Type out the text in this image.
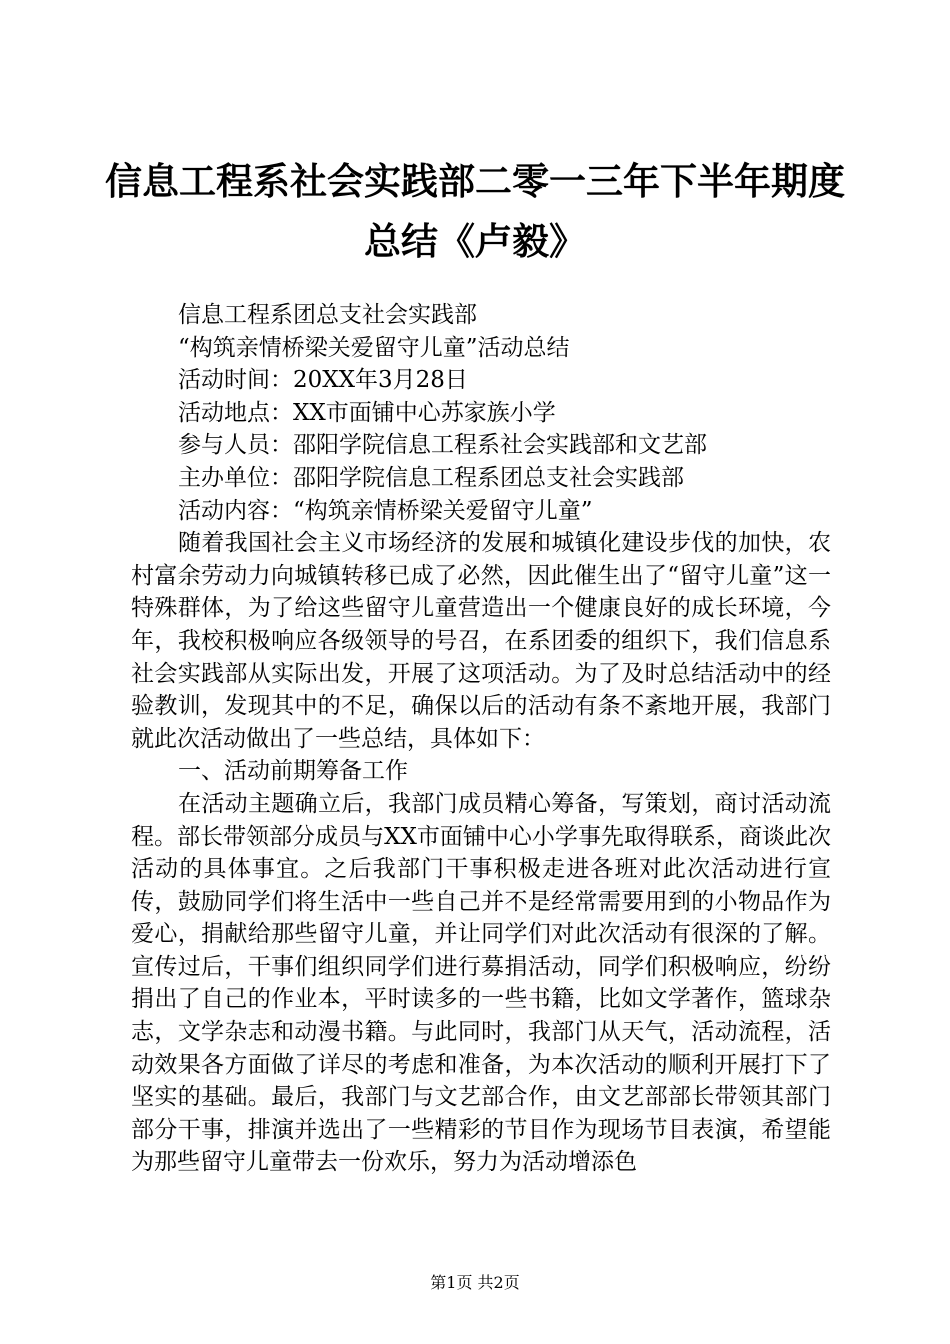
信息工程系社会实践部二零一三年下半年期度
总结《卢毅》

信息工程系团总支社会实践部

“构筑亲情桥梁关爱留守儿童”活动总结

活动时间：20XX年3月28日

活动地点：XX市面铺中心苏家族小学

参与人员：邵阳学院信息工程系社会实践部和文艺部

主办单位：邵阳学院信息工程系团总支社会实践部

活动内容：“构筑亲情桥梁关爱留守儿童”

随着我国社会主义市场经济的发展和城镇化建设步伐的加快，农村富余劳动力向城镇转移已成了必然，因此催生出了“留守儿童”这一特殊群体，为了给这些留守儿童营造出一个健康良好的成长环境，今年，我校积极响应各级领导的号召，在系团委的组织下，我们信息系社会实践部从实际出发，开展了这项活动。为了及时总结活动中的经验教训，发现其中的不足，确保以后的活动有条不紊地开展，我部门就此次活动做出了一些总结，具体如下：

一、活动前期筹备工作

在活动主题确立后，我部门成员精心筹备，写策划，商讨活动流程。部长带领部分成员与XX市面铺中心小学事先取得联系，商谈此次活动的具体事宜。之后我部门干事积极走进各班对此次活动进行宣传，鼓励同学们将生活中一些自己并不是经常需要用到的小物品作为爱心，捐献给那些留守儿童，并让同学们对此次活动有很深的了解。宣传过后，干事们组织同学们进行募捐活动，同学们积极响应，纷纷捐出了自己的作业本，平时读多的一些书籍，比如文学著作，篮球杂志，文学杂志和动漫书籍。与此同时，我部门从天气，活动流程，活动效果各方面做了详尽的考虑和准备，为本次活动的顺利开展打下了坚实的基础。最后，我部门与文艺部合作，由文艺部部长带领其部门部分干事，排演并选出了一些精彩的节目作为现场节目表演，希望能为那些留守儿童带去一份欢乐，努力为活动增添色

第1页 共2页
